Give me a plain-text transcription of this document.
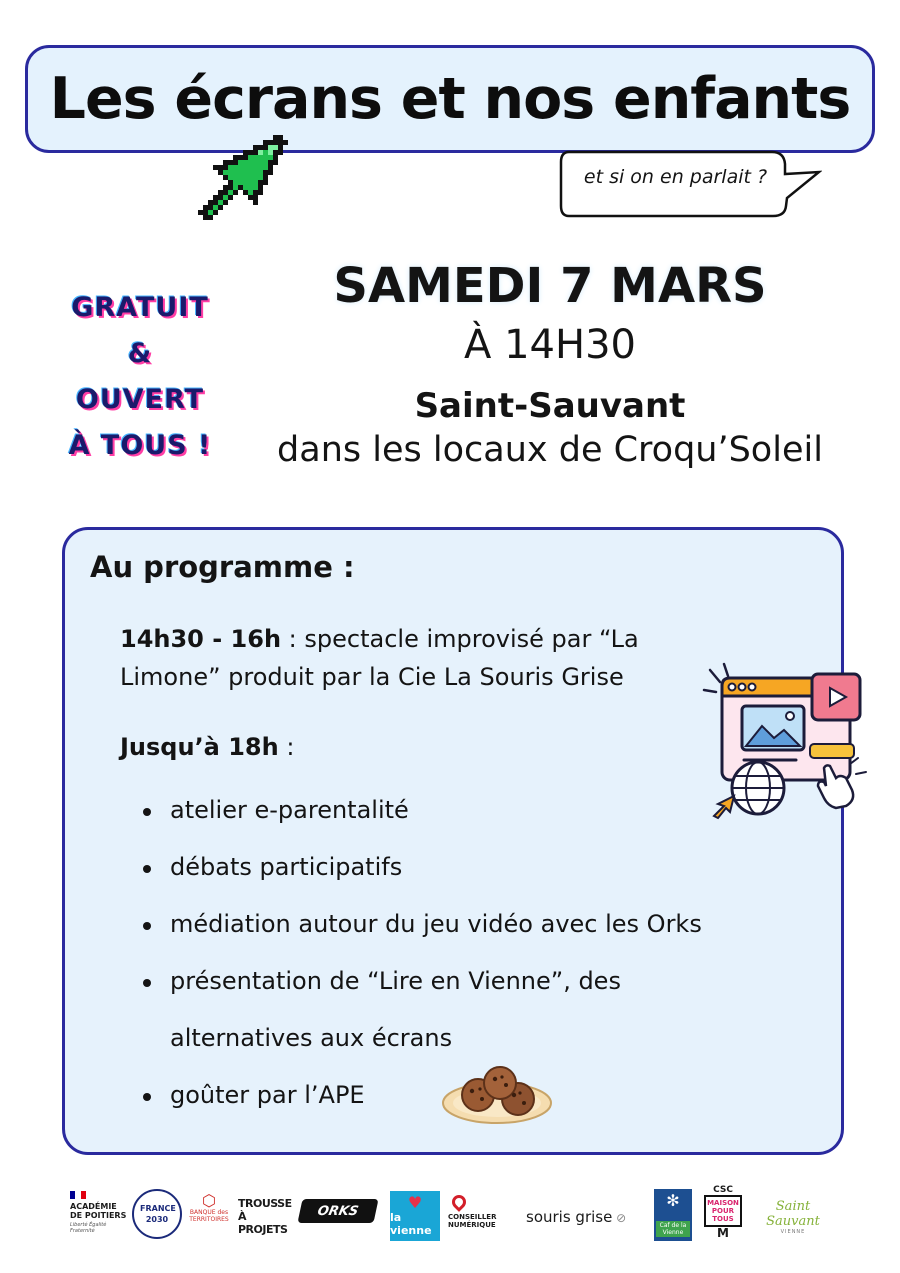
Les écrans et nos enfants
et si on en parlait ?
GRATUIT
&
OUVERT
À TOUS !
SAMEDI 7 MARS
À 14H30
Saint-Sauvant
dans les locaux de Croqu’Soleil
Au programme :
14h30 - 16h : spectacle improvisé par “La Limone” produit par la Cie La Souris Grise
Jusqu’à 18h :
atelier e-parentalité
débats participatifs
médiation autour du jeu vidéo avec les Orks
présentation de “Lire en Vienne”, des alternatives aux écrans
goûter par l’APE
ACADÉMIE DE POITIERS
Liberté Égalité Fraternité
FRANCE 2030
⬡
BANQUE des TERRITOIRES
TROUSSE À PROJETS
ORKS	♥
la vienne
CONSEILLER NUMÉRIQUE	souris grise ⊘
✻
Caf de la Vienne
CSC
MAISON POUR TOUS
M
Saint Sauvant
VIENNE
